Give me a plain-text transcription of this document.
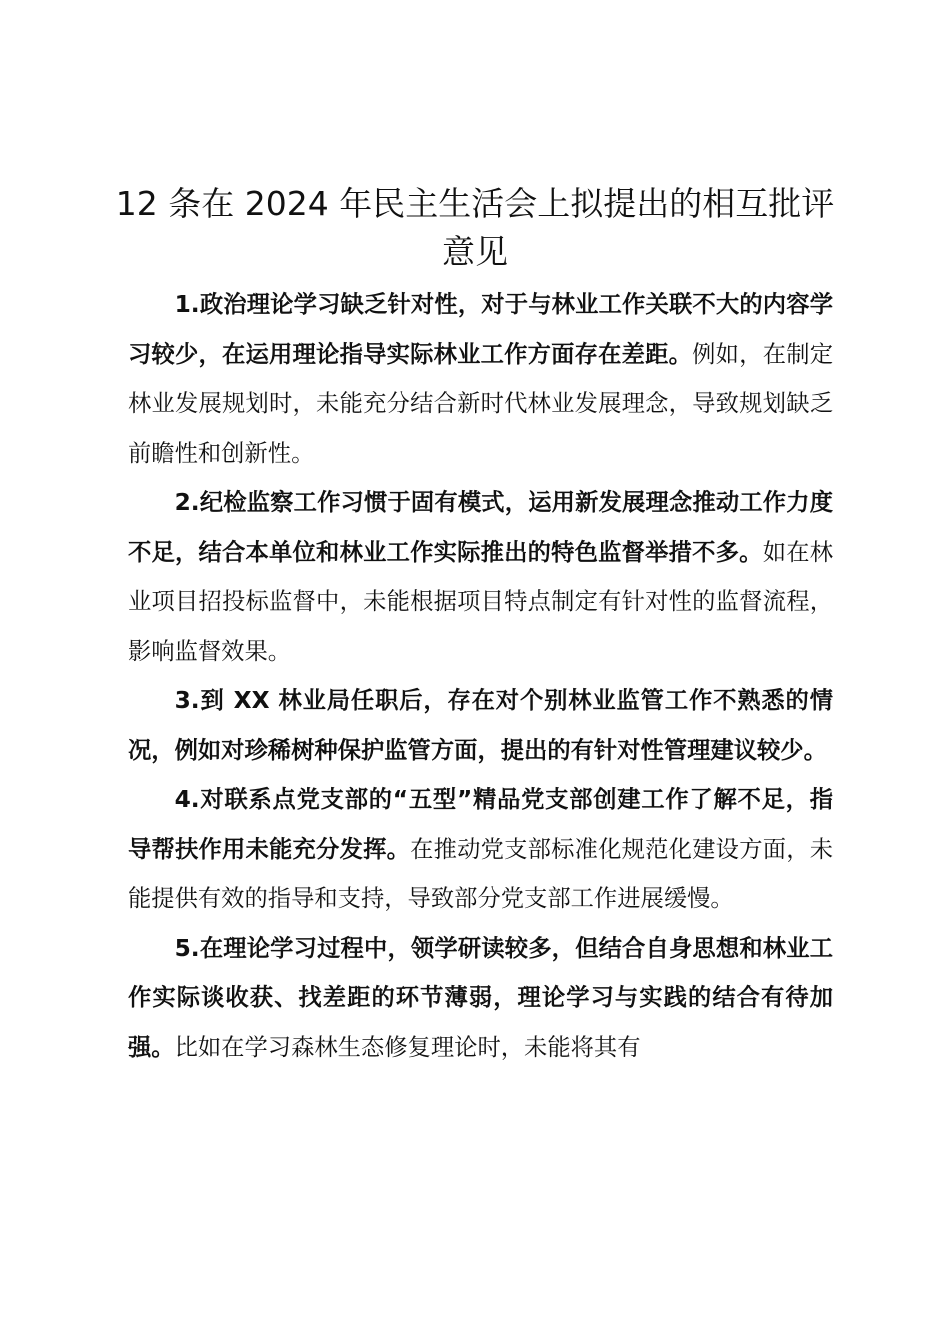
12 条在 2024 年民主生活会上拟提出的相互批评意见

1.政治理论学习缺乏针对性，对于与林业工作关联不大的内容学习较少，在运用理论指导实际林业工作方面存在差距。例如，在制定林业发展规划时，未能充分结合新时代林业发展理念，导致规划缺乏前瞻性和创新性。

2.纪检监察工作习惯于固有模式，运用新发展理念推动工作力度不足，结合本单位和林业工作实际推出的特色监督举措不多。如在林业项目招投标监督中，未能根据项目特点制定有针对性的监督流程，影响监督效果。

3.到 XX 林业局任职后，存在对个别林业监管工作不熟悉的情况，例如对珍稀树种保护监管方面，提出的有针对性管理建议较少。

4.对联系点党支部的“五型”精品党支部创建工作了解不足，指导帮扶作用未能充分发挥。在推动党支部标准化规范化建设方面，未能提供有效的指导和支持，导致部分党支部工作进展缓慢。

5.在理论学习过程中，领学研读较多，但结合自身思想和林业工作实际谈收获、找差距的环节薄弱，理论学习与实践的结合有待加强。比如在学习森林生态修复理论时，未能将其有
